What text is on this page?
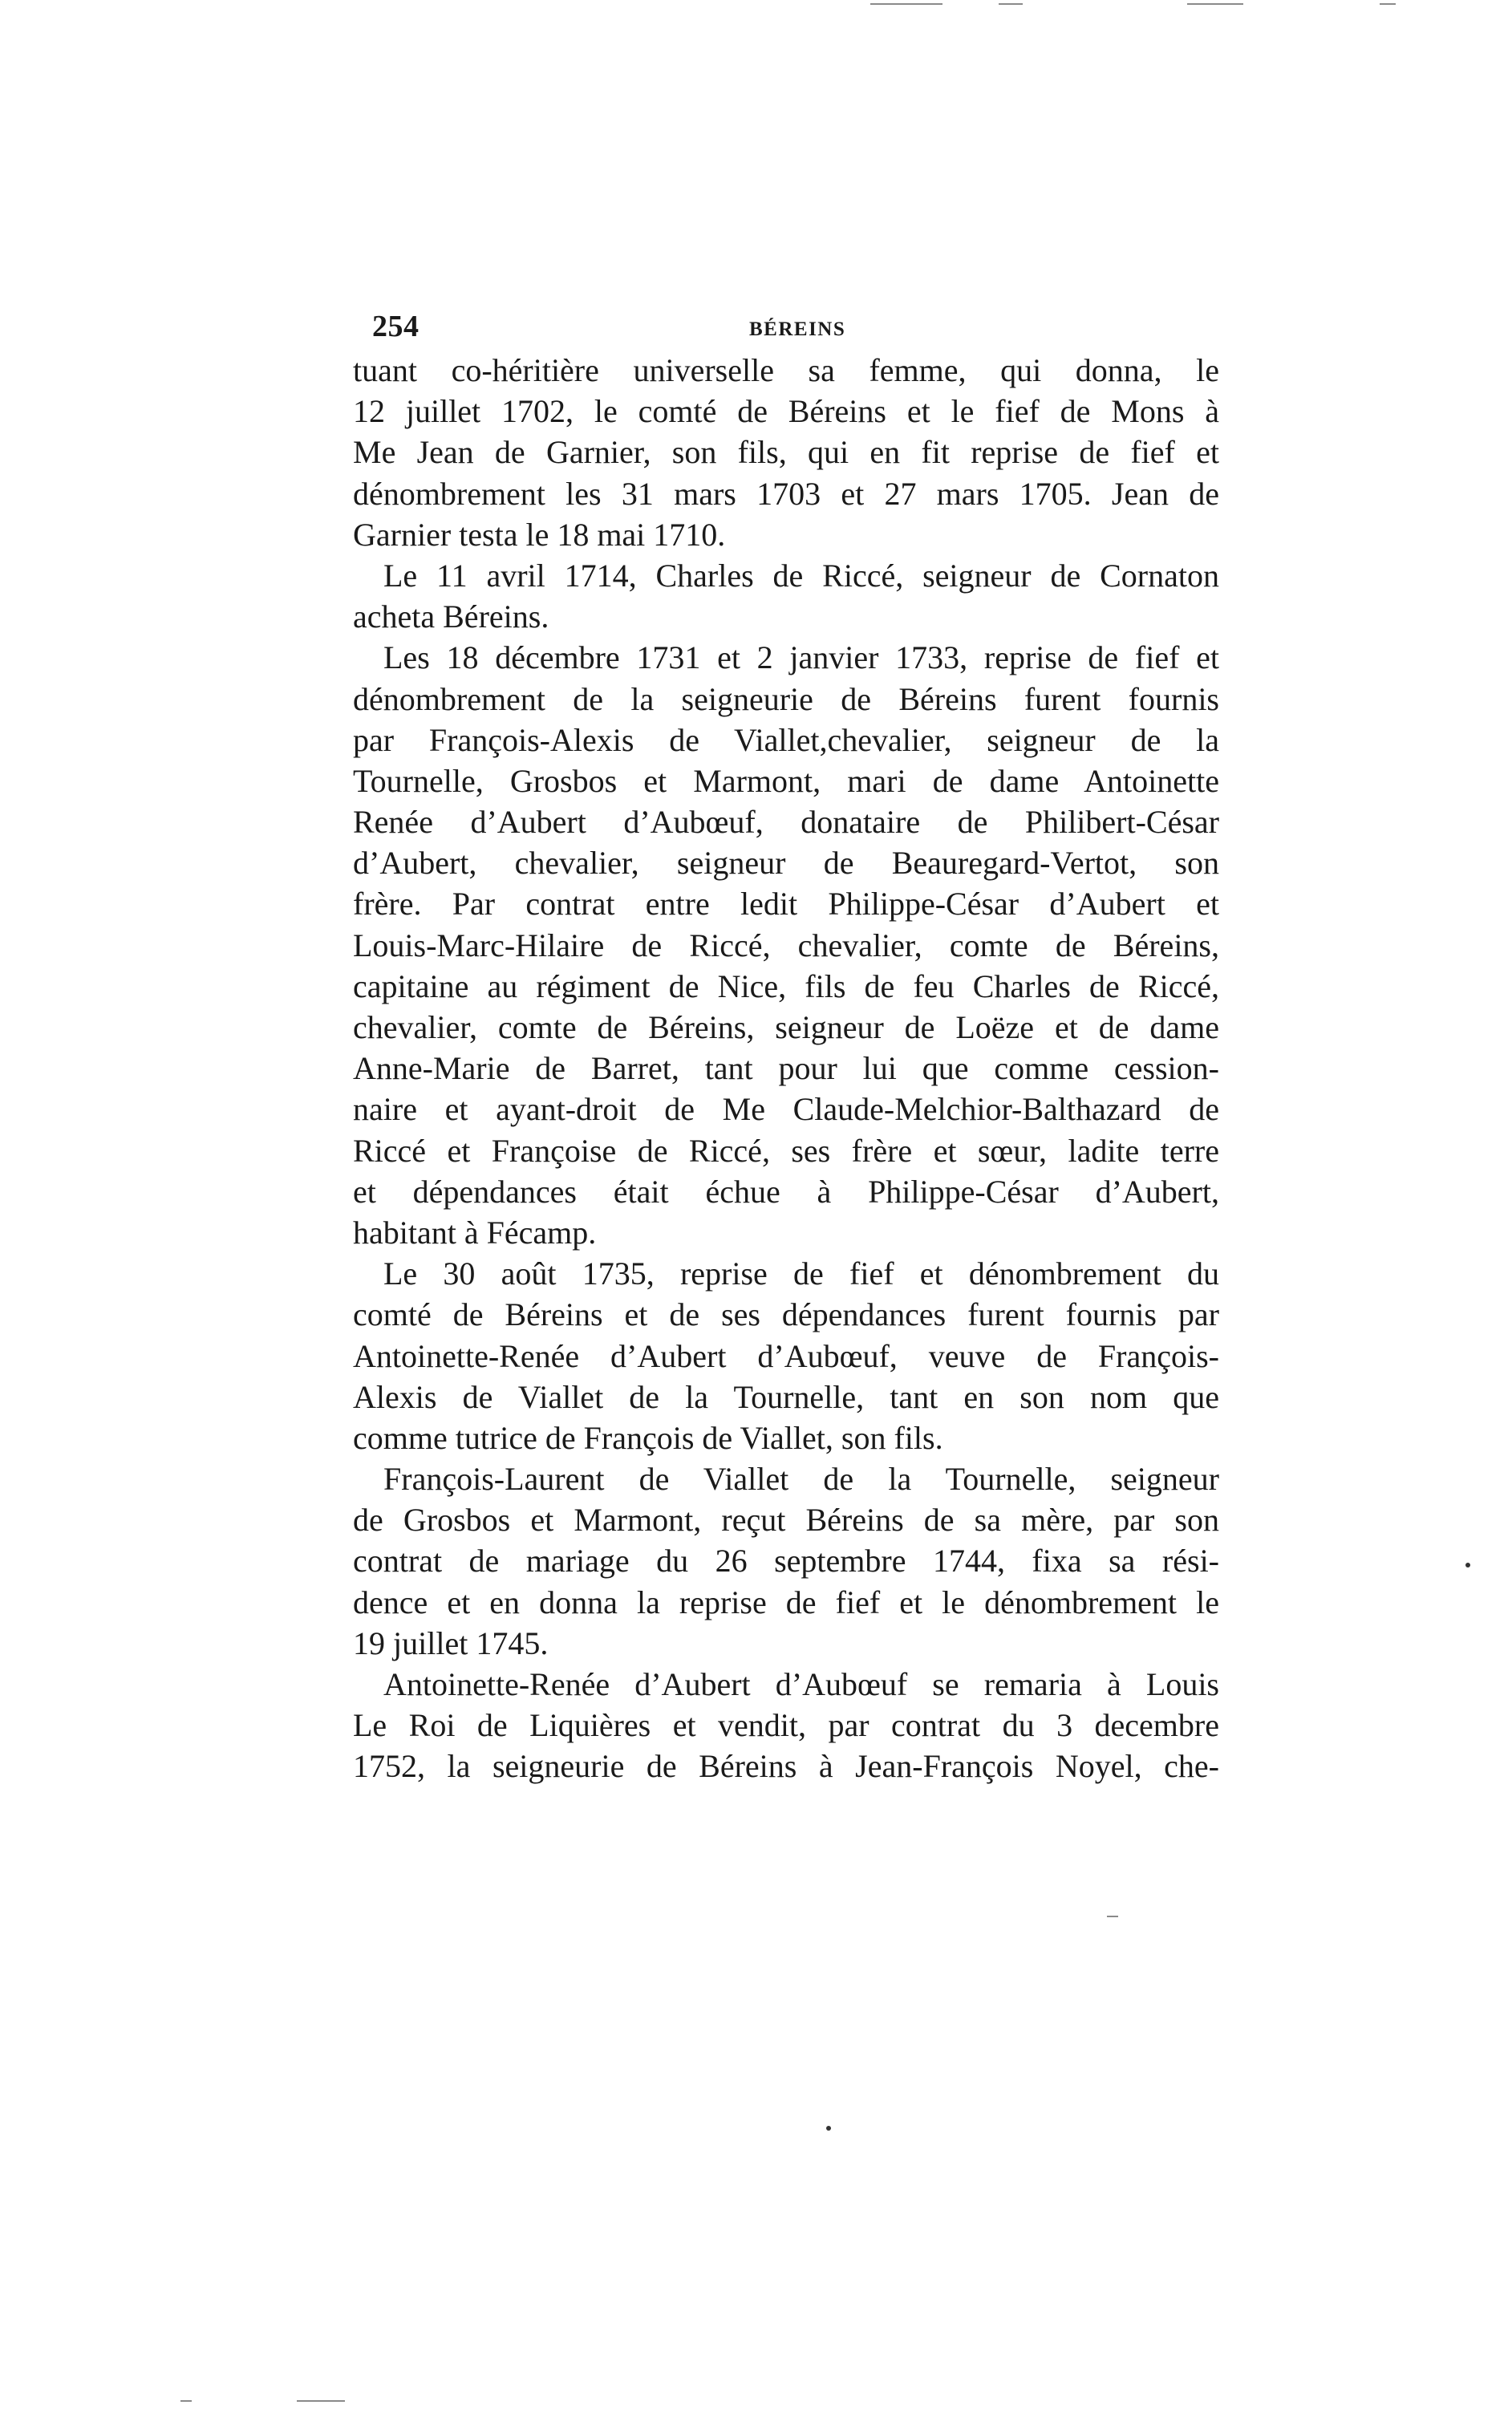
254	BÉREINS
tuant co-héritière universelle sa femme, qui donna, le
12 juillet 1702, le comté de Béreins et le fief de Mons à
Me Jean de Garnier, son fils, qui en fit reprise de fief et
dénombrement les 31 mars 1703 et 27 mars 1705. Jean de
Garnier testa le 18 mai 1710.
Le 11 avril 1714, Charles de Riccé, seigneur de Cornaton
acheta Béreins.
Les 18 décembre 1731 et 2 janvier 1733, reprise de fief et
dénombrement de la seigneurie de Béreins furent fournis
par François-Alexis de Viallet,chevalier, seigneur de la
Tournelle, Grosbos et Marmont, mari de dame Antoinette
Renée d’Aubert d’Aubœuf, donataire de Philibert-César
d’Aubert, chevalier, seigneur de Beauregard-Vertot, son
frère. Par contrat entre ledit Philippe-César d’Aubert et
Louis-Marc-Hilaire de Riccé, chevalier, comte de Béreins,
capitaine au régiment de Nice, fils de feu Charles de Riccé,
chevalier, comte de Béreins, seigneur de Loëze et de dame
Anne-Marie de Barret, tant pour lui que comme cession-
naire et ayant-droit de Me Claude-Melchior-Balthazard de
Riccé et Françoise de Riccé, ses frère et sœur, ladite terre
et dépendances était échue à Philippe-César d’Aubert,
habitant à Fécamp.
Le 30 août 1735, reprise de fief et dénombrement du
comté de Béreins et de ses dépendances furent fournis par
Antoinette-Renée d’Aubert d’Aubœuf, veuve de François-
Alexis de Viallet de la Tournelle, tant en son nom que
comme tutrice de François de Viallet, son fils.
François-Laurent de Viallet de la Tournelle, seigneur
de Grosbos et Marmont, reçut Béreins de sa mère, par son
contrat de mariage du 26 septembre 1744, fixa sa rési-
dence et en donna la reprise de fief et le dénombrement le
19 juillet 1745.
Antoinette-Renée d’Aubert d’Aubœuf se remaria à Louis
Le Roi de Liquières et vendit, par contrat du 3 decembre
1752, la seigneurie de Béreins à Jean-François Noyel, che-
